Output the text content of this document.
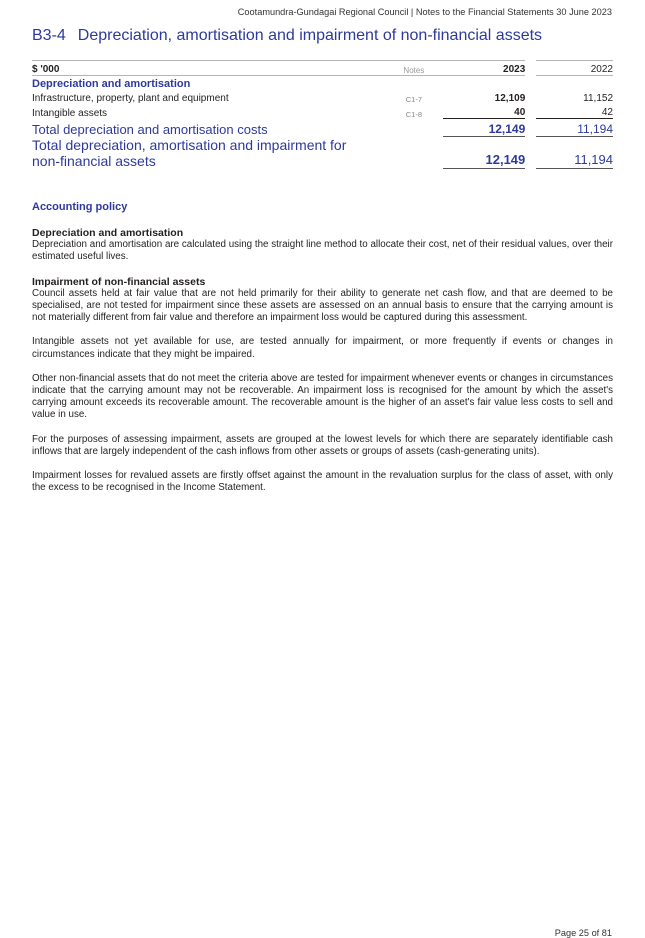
Cootamundra-Gundagai Regional Council | Notes to the Financial Statements 30 June 2023
B3-4 Depreciation, amortisation and impairment of non-financial assets
$ '000	Notes	2023		2022
Depreciation and amortisation				
Infrastructure, property, plant and equipment	C1-7	12,109		11,152
Intangible assets	C1-8	40		42
Total depreciation and amortisation costs		12,149		11,194
Total depreciation, amortisation and impairment for
non-financial assets		12,149		11,194
Accounting policy
Depreciation and amortisation

Depreciation and amortisation are calculated using the straight line method to allocate their cost, net of their residual values, over their estimated useful lives.

Impairment of non-financial assets

Council assets held at fair value that are not held primarily for their ability to generate net cash flow, and that are deemed to be specialised, are not tested for impairment since these assets are assessed on an annual basis to ensure that the carrying amount is not materially different from fair value and therefore an impairment loss would be captured during this assessment.

Intangible assets not yet available for use, are tested annually for impairment, or more frequently if events or changes in circumstances indicate that they might be impaired.

Other non-financial assets that do not meet the criteria above are tested for impairment whenever events or changes in circumstances indicate that the carrying amount may not be recoverable. An impairment loss is recognised for the amount by which the asset's carrying amount exceeds its recoverable amount. The recoverable amount is the higher of an asset's fair value less costs to sell and value in use.

For the purposes of assessing impairment, assets are grouped at the lowest levels for which there are separately identifiable cash inflows that are largely independent of the cash inflows from other assets or groups of assets (cash-generating units).

Impairment losses for revalued assets are firstly offset against the amount in the revaluation surplus for the class of asset, with only the excess to be recognised in the Income Statement.

Page 25 of 81
